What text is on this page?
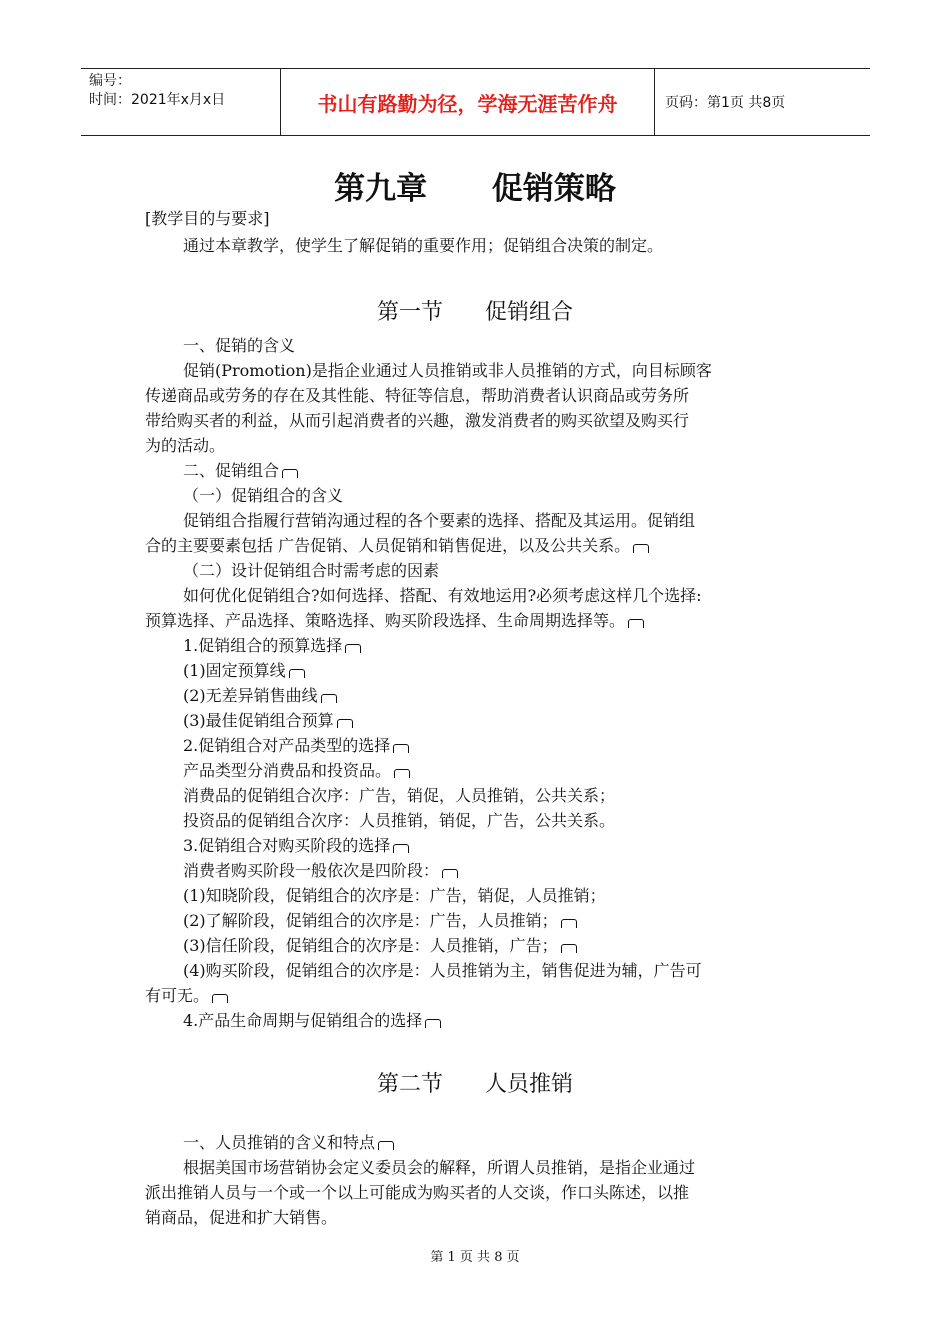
编号：
时间：2021年x月x日	书山有路勤为径，学海无涯苦作舟	页码：第1页 共8页
第九章      促销策略
[教学目的与要求]
通过本章教学，使学生了解促销的重要作用；促销组合决策的制定。
第一节      促销组合
一、促销的含义
促销(Promotion)是指企业通过人员推销或非人员推销的方式，向目标顾客
传递商品或劳务的存在及其性能、特征等信息，帮助消费者认识商品或劳务所
带给购买者的利益，从而引起消费者的兴趣，激发消费者的购买欲望及购买行
为的活动。
二、促销组合
（一）促销组合的含义
促销组合指履行营销沟通过程的各个要素的选择、搭配及其运用。促销组
合的主要要素包括 广告促销、人员促销和销售促进，以及公共关系。
（二）设计促销组合时需考虑的因素
如何优化促销组合?如何选择、搭配、有效地运用?必须考虑这样几个选择:
预算选择、产品选择、策略选择、购买阶段选择、生命周期选择等。
1.促销组合的预算选择
(1)固定预算线
(2)无差异销售曲线
(3)最佳促销组合预算
2.促销组合对产品类型的选择
产品类型分消费品和投资品。
消费品的促销组合次序：广告，销促，人员推销，公共关系；
投资品的促销组合次序：人员推销，销促，广告，公共关系。
3.促销组合对购买阶段的选择
消费者购买阶段一般依次是四阶段：
(1)知晓阶段，促销组合的次序是：广告，销促，人员推销；
(2)了解阶段，促销组合的次序是：广告，人员推销；
(3)信任阶段，促销组合的次序是：人员推销，广告；
(4)购买阶段，促销组合的次序是：人员推销为主，销售促进为辅，广告可
有可无。
4.产品生命周期与促销组合的选择
第二节      人员推销
一、人员推销的含义和特点
根据美国市场营销协会定义委员会的解释，所谓人员推销，是指企业通过
派出推销人员与一个或一个以上可能成为购买者的人交谈，作口头陈述，以推
销商品，促进和扩大销售。
第 1 页 共 8 页
